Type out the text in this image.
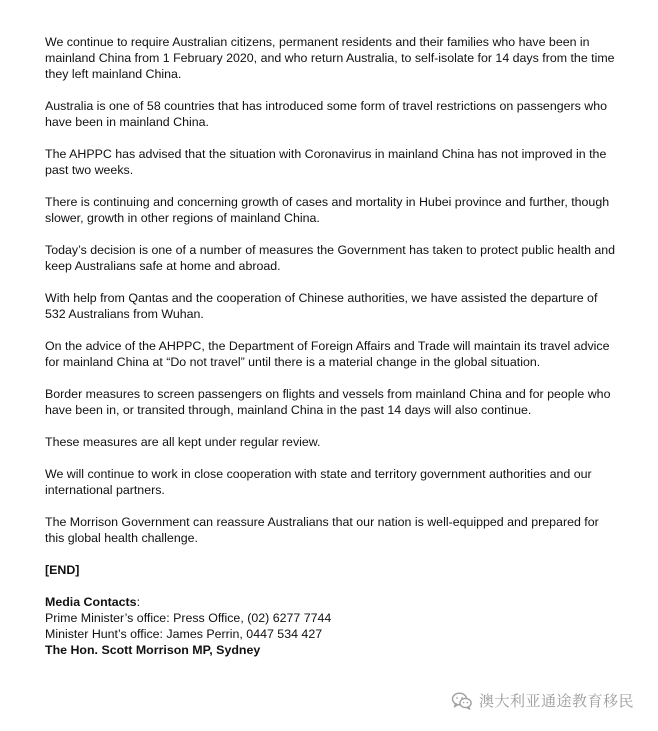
We continue to require Australian citizens, permanent residents and their families who have been in mainland China from 1 February 2020, and who return Australia, to self-isolate for 14 days from the time they left mainland China.

Australia is one of 58 countries that has introduced some form of travel restrictions on passengers who have been in mainland China.

The AHPPC has advised that the situation with Coronavirus in mainland China has not improved in the past two weeks.

There is continuing and concerning growth of cases and mortality in Hubei province and further, though slower, growth in other regions of mainland China.

Today’s decision is one of a number of measures the Government has taken to protect public health and keep Australians safe at home and abroad.

With help from Qantas and the cooperation of Chinese authorities, we have assisted the departure of 532 Australians from Wuhan.

On the advice of the AHPPC, the Department of Foreign Affairs and Trade will maintain its travel advice for mainland China at “Do not travel” until there is a material change in the global situation.

Border measures to screen passengers on flights and vessels from mainland China and for people who have been in, or transited through, mainland China in the past 14 days will also continue.

These measures are all kept under regular review.

We will continue to work in close cooperation with state and territory government authorities and our international partners.

The Morrison Government can reassure Australians that our nation is well-equipped and prepared for this global health challenge.

[END]
Media Contacts:
Prime Minister’s office: Press Office, (02) 6277 7744
Minister Hunt’s office: James Perrin, 0447 534 427
The Hon. Scott Morrison MP, Sydney
澳大利亚通途教育移民
